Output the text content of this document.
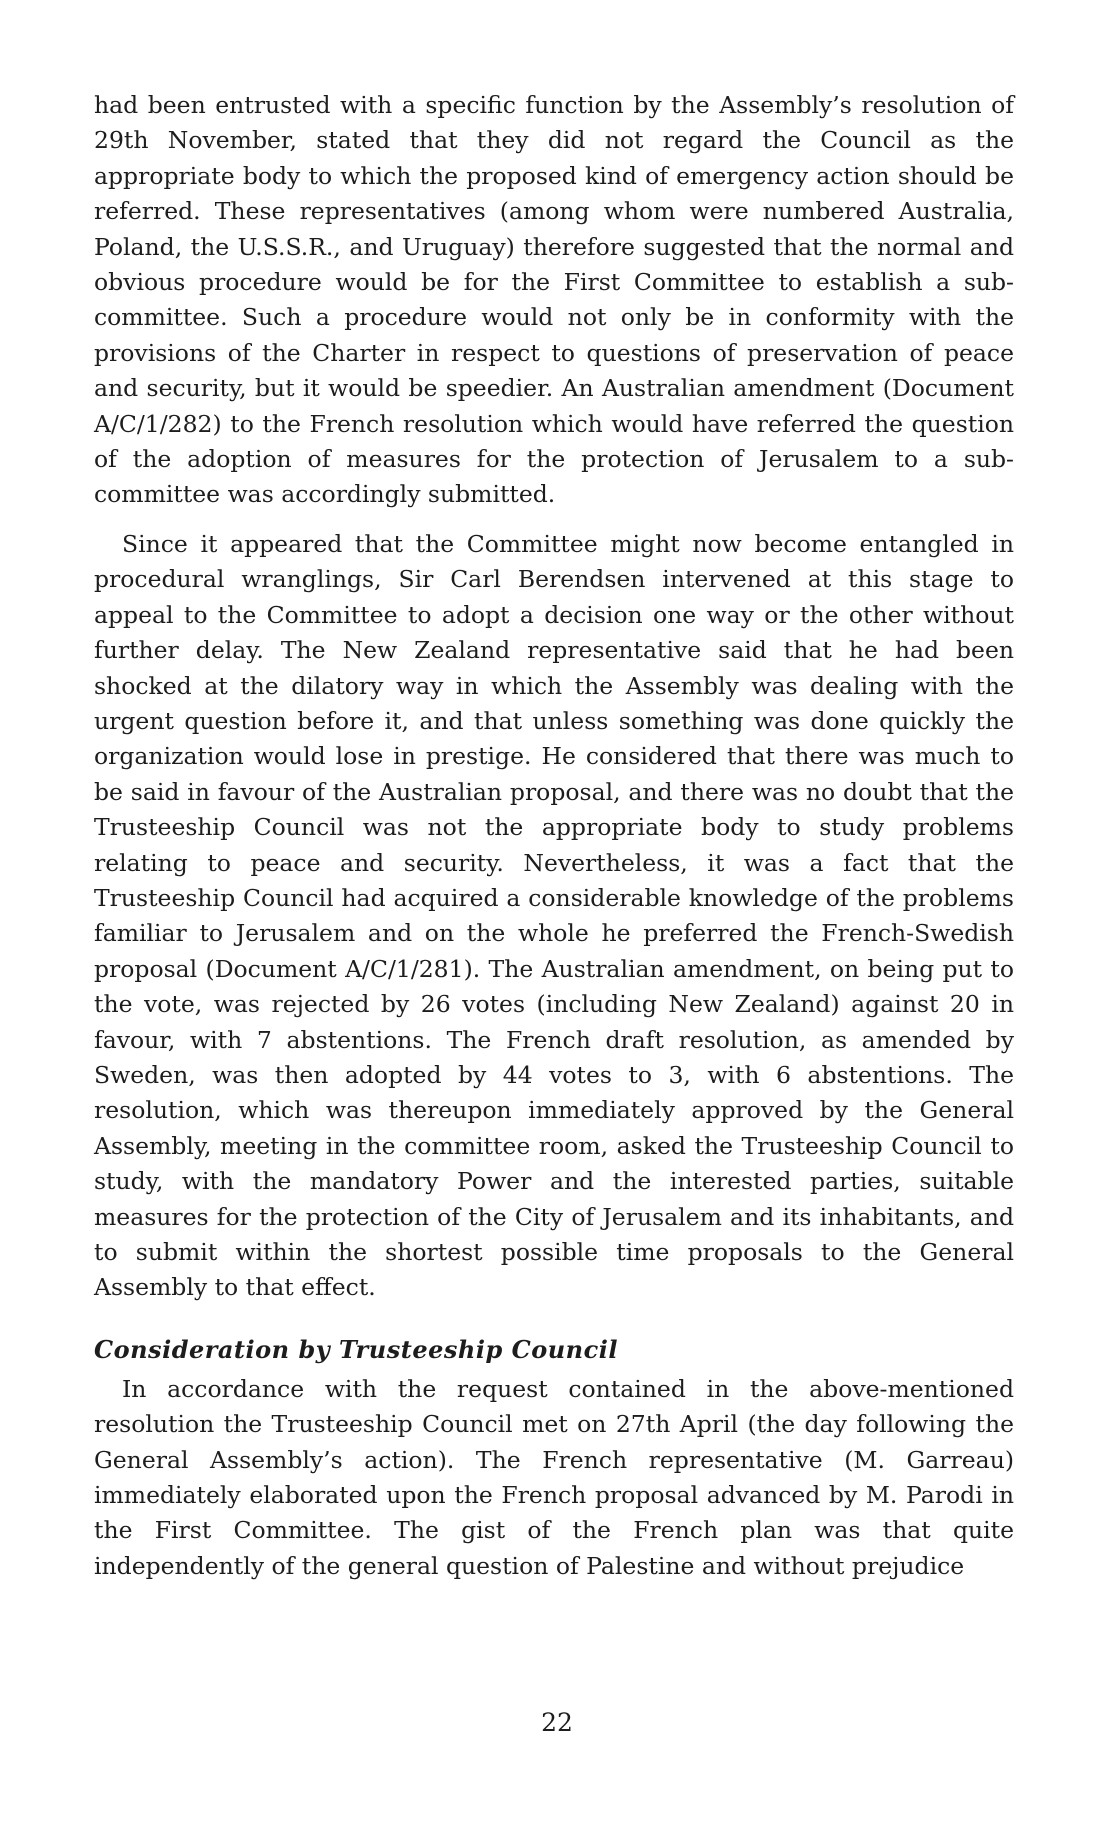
had been entrusted with a specific function by the Assembly’s resolution of 29th November, stated that they did not regard the Council as the appropriate body to which the proposed kind of emergency action should be referred. These representatives (among whom were numbered Australia, Poland, the U.S.S.R., and Uruguay) therefore suggested that the normal and obvious procedure would be for the First Committee to establish a sub-committee. Such a procedure would not only be in conformity with the provisions of the Charter in respect to questions of preservation of peace and security, but it would be speedier. An Australian amendment (Document A/C/1/282) to the French resolution which would have referred the question of the adoption of measures for the protection of Jerusalem to a sub-committee was accordingly submitted.

Since it appeared that the Committee might now become entangled in procedural wranglings, Sir Carl Berendsen intervened at this stage to appeal to the Committee to adopt a decision one way or the other without further delay. The New Zealand representative said that he had been shocked at the dilatory way in which the Assembly was dealing with the urgent question before it, and that unless something was done quickly the organization would lose in prestige. He considered that there was much to be said in favour of the Australian proposal, and there was no doubt that the Trusteeship Council was not the appropriate body to study problems relating to peace and security. Nevertheless, it was a fact that the Trusteeship Council had acquired a considerable knowledge of the problems familiar to Jerusalem and on the whole he preferred the French-Swedish proposal (Document A/C/1/281). The Australian amendment, on being put to the vote, was rejected by 26 votes (including New Zealand) against 20 in favour, with 7 abstentions. The French draft resolution, as amended by Sweden, was then adopted by 44 votes to 3, with 6 abstentions. The resolution, which was thereupon immediately approved by the General Assembly, meeting in the committee room, asked the Trusteeship Council to study, with the mandatory Power and the interested parties, suitable measures for the protection of the City of Jerusalem and its inhabitants, and to submit within the shortest possible time proposals to the General Assembly to that effect.

Consideration by Trusteeship Council

In accordance with the request contained in the above-mentioned resolution the Trusteeship Council met on 27th April (the day following the General Assembly’s action). The French representative (M. Garreau) immediately elaborated upon the French proposal advanced by M. Parodi in the First Committee. The gist of the French plan was that quite independently of the general question of Palestine and without prejudice

22
